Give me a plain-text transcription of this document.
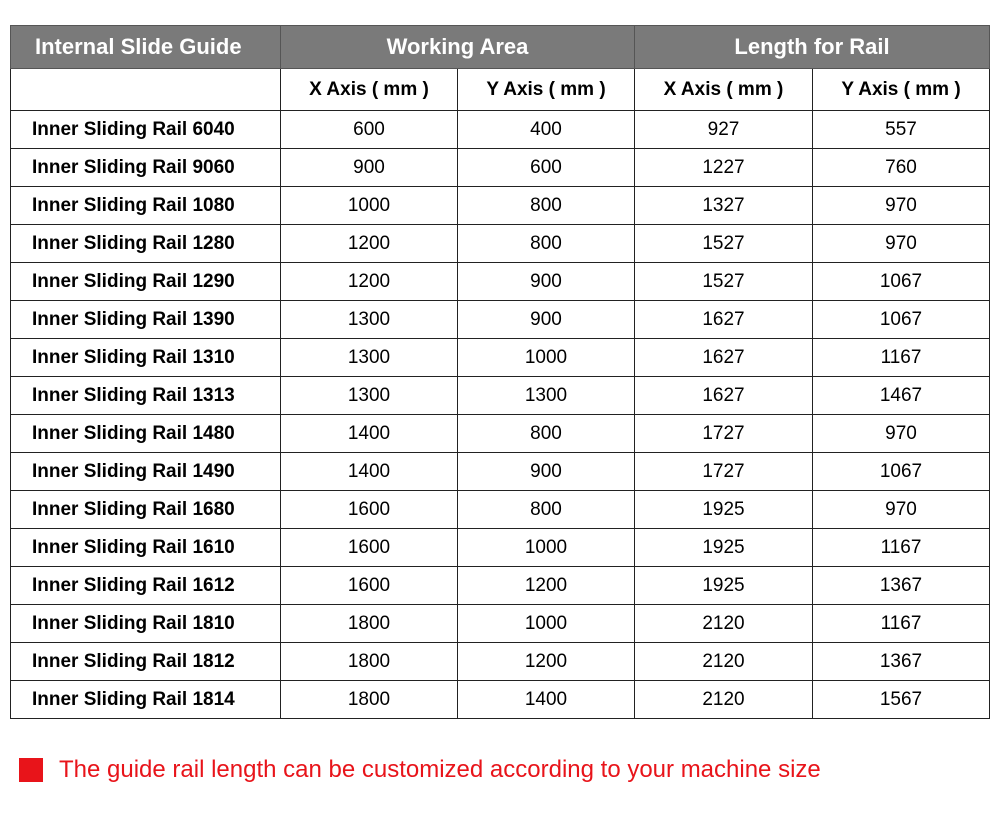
Internal Slide Guide	Working Area		Length for Rail	
	X Axis ( mm )	Y Axis ( mm )	X Axis ( mm )	Y Axis ( mm )
Inner Sliding Rail 6040	600	400	927	557
Inner Sliding Rail 9060	900	600	1227	760
Inner Sliding Rail 1080	1000	800	1327	970
Inner Sliding Rail 1280	1200	800	1527	970
Inner Sliding Rail 1290	1200	900	1527	1067
Inner Sliding Rail 1390	1300	900	1627	1067
Inner Sliding Rail 1310	1300	1000	1627	1167
Inner Sliding Rail 1313	1300	1300	1627	1467
Inner Sliding Rail 1480	1400	800	1727	970
Inner Sliding Rail 1490	1400	900	1727	1067
Inner Sliding Rail 1680	1600	800	1925	970
Inner Sliding Rail 1610	1600	1000	1925	1167
Inner Sliding Rail 1612	1600	1200	1925	1367
Inner Sliding Rail 1810	1800	1000	2120	1167
Inner Sliding Rail 1812	1800	1200	2120	1367
Inner Sliding Rail 1814	1800	1400	2120	1567
The guide rail length can be customized according to your machine size
